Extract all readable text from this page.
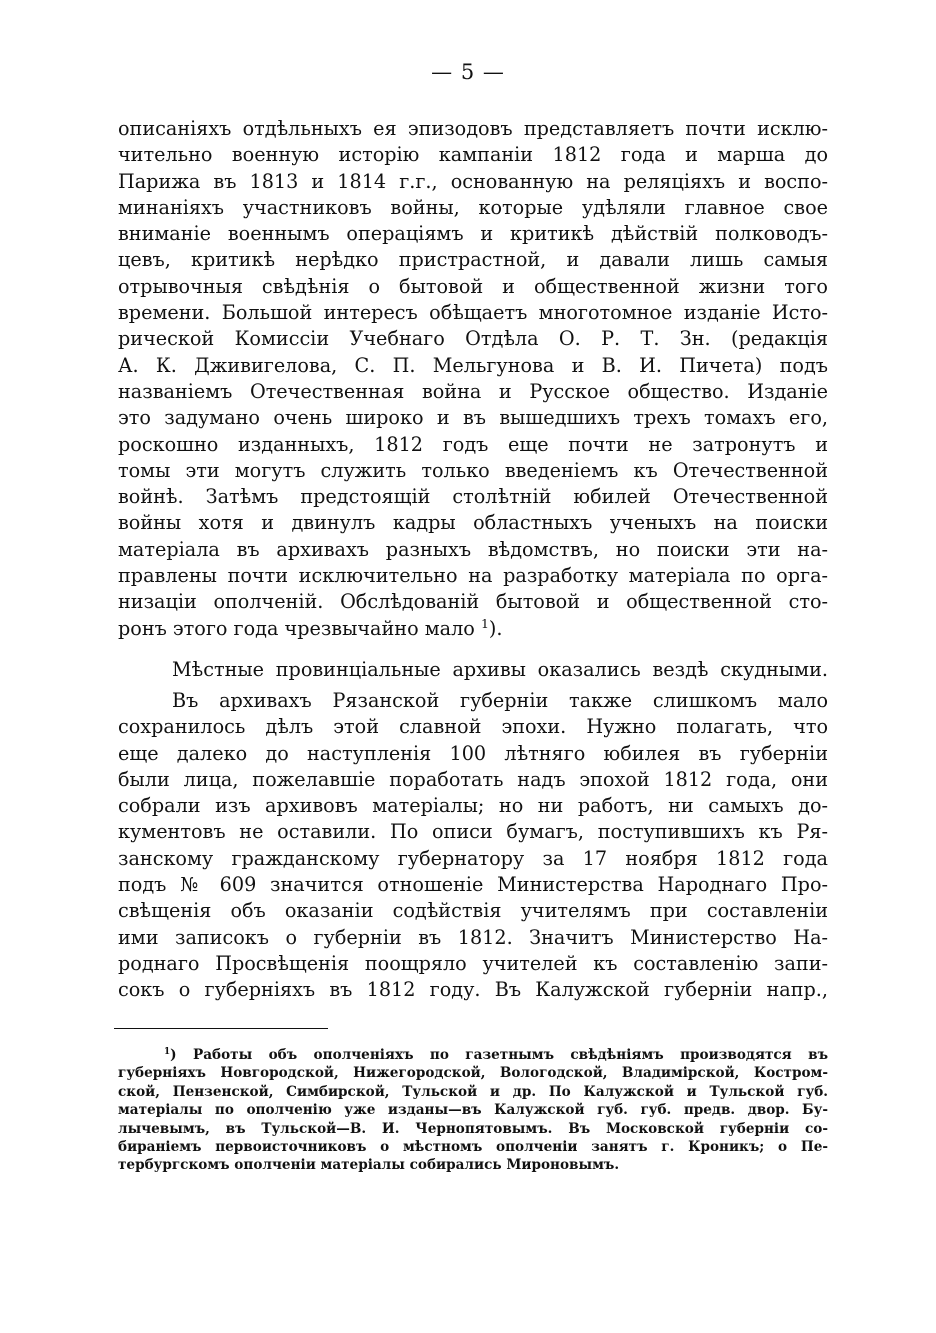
— 5 —
описаніяхъ отдѣльныхъ ея эпизодовъ представляетъ почти исклю-
чительно военную исторію кампаніи 1812 года и марша до
Парижа въ 1813 и 1814 г.г., основанную на реляціяхъ и воспо-
минаніяхъ участниковъ войны, которые удѣляли главное свое
вниманіе военнымъ операціямъ и критикѣ дѣйствій полководъ-
цевъ, критикѣ нерѣдко пристрастной, и давали лишь самыя
отрывочныя свѣдѣнія о бытовой и общественной жизни того
времени. Большой интересъ обѣщаетъ многотомное изданіе Исто-
рической Комиссіи Учебнаго Отдѣла О. Р. Т. Зн. (редакція
А. К. Дживигелова, С. П. Мельгунова и В. И. Пичета) подъ
названіемъ Отечественная война и Русское общество. Изданіе
это задумано очень широко и въ вышедшихъ трехъ томахъ его,
роскошно изданныхъ, 1812 годъ еще почти не затронутъ и
томы эти могутъ служить только введеніемъ къ Отечественной
войнѣ. Затѣмъ предстоящій столѣтній юбилей Отечественной
войны хотя и двинулъ кадры областныхъ ученыхъ на поиски
матеріала въ архивахъ разныхъ вѣдомствъ, но поиски эти на-
правлены почти исключительно на разработку матеріала по орга-
низаціи ополченій. Обслѣдованій бытовой и общественной сто-
ронъ этого года чрезвычайно мало $^1$).
Мѣстные провинціальные архивы оказались вездѣ скудными.
Въ архивахъ Рязанской губерніи также слишкомъ мало
сохранилось дѣлъ этой славной эпохи. Нужно полагать, что
еще далеко до наступленія 100 лѣтняго юбилея въ губерніи
были лица, пожелавшіе поработать надъ эпохой 1812 года, они
собрали изъ архивовъ матеріалы; но ни работъ, ни самыхъ до-
кументовъ не оставили. По описи бумагъ, поступившихъ къ Ря-
занскому гражданскому губернатору за 17 ноября 1812 года
подъ № 609 значится отношеніе Министерства Народнаго Про-
свѣщенія объ оказаніи содѣйствія учителямъ при составленіи
ими записокъ о губерніи въ 1812. Значитъ Министерство На-
роднаго Просвѣщенія поощряло учителей къ составленію запи-
сокъ о губерніяхъ въ 1812 году. Въ Калужской губерніи напр.,
$^1$) Работы объ ополченіяхъ по газетнымъ свѣдѣніямъ производятся въ
губерніяхъ Новгородской, Нижегородской, Вологодской, Владимірской, Костром-
ской, Пензенской, Симбирской, Тульской и др. По Калужской и Тульской губ.
матеріалы по ополченію уже изданы—въ Калужской губ. губ. предв. двор. Бу-
лычевымъ, въ Тульской—В. И. Чернопятовымъ. Въ Московской губерніи со-
биранiемъ первоисточниковъ о мѣстномъ ополченіи занятъ г. Кроникъ; о Пе-
тербургскомъ ополченіи матеріалы собирались Мироновымъ.
